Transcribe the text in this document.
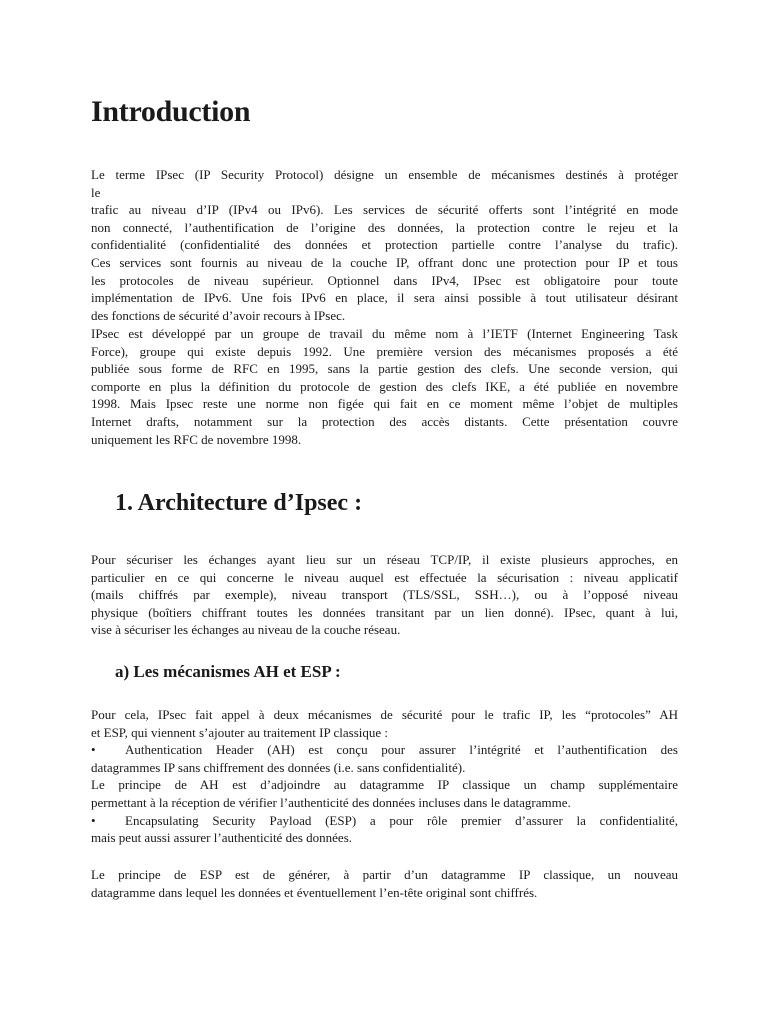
Introduction
Le terme IPsec (IP Security Protocol) désigne un ensemble de mécanismes destinés à protéger
le
trafic au niveau d’IP (IPv4 ou IPv6). Les services de sécurité offerts sont l’intégrité en mode
non connecté, l’authentification de l’origine des données, la protection contre le rejeu et la
confidentialité (confidentialité des données et protection partielle contre l’analyse du trafic).
Ces services sont fournis au niveau de la couche IP, offrant donc une protection pour IP et tous
les protocoles de niveau supérieur. Optionnel dans IPv4, IPsec est obligatoire pour toute
implémentation de IPv6. Une fois IPv6 en place, il sera ainsi possible à tout utilisateur désirant
des fonctions de sécurité d’avoir recours à IPsec.
IPsec est développé par un groupe de travail du même nom à l’IETF (Internet Engineering Task
Force), groupe qui existe depuis 1992. Une première version des mécanismes proposés a été
publiée sous forme de RFC en 1995, sans la partie gestion des clefs. Une seconde version, qui
comporte en plus la définition du protocole de gestion des clefs IKE, a été publiée en novembre
1998. Mais Ipsec reste une norme non figée qui fait en ce moment même l’objet de multiples
Internet drafts, notamment sur la protection des accès distants. Cette présentation couvre
uniquement les RFC de novembre 1998.
1. Architecture d’Ipsec :
Pour sécuriser les échanges ayant lieu sur un réseau TCP/IP, il existe plusieurs approches, en
particulier en ce qui concerne le niveau auquel est effectuée la sécurisation : niveau applicatif
(mails chiffrés par exemple), niveau transport (TLS/SSL, SSH…), ou à l’opposé niveau
physique (boîtiers chiffrant toutes les données transitant par un lien donné). IPsec, quant à lui,
vise à sécuriser les échanges au niveau de la couche réseau.
a) Les mécanismes AH et ESP :
Pour cela, IPsec fait appel à deux mécanismes de sécurité pour le trafic IP, les “protocoles” AH
et ESP, qui viennent s’ajouter au traitement IP classique :
• Authentication Header (AH) est conçu pour assurer l’intégrité et l’authentification des
datagrammes IP sans chiffrement des données (i.e. sans confidentialité).
Le principe de AH est d’adjoindre au datagramme IP classique un champ supplémentaire
permettant à la réception de vérifier l’authenticité des données incluses dans le datagramme.
• Encapsulating Security Payload (ESP) a pour rôle premier d’assurer la confidentialité,
mais peut aussi assurer l’authenticité des données.
Le principe de ESP est de générer, à partir d’un datagramme IP classique, un nouveau
datagramme dans lequel les données et éventuellement l’en-tête original sont chiffrés.
